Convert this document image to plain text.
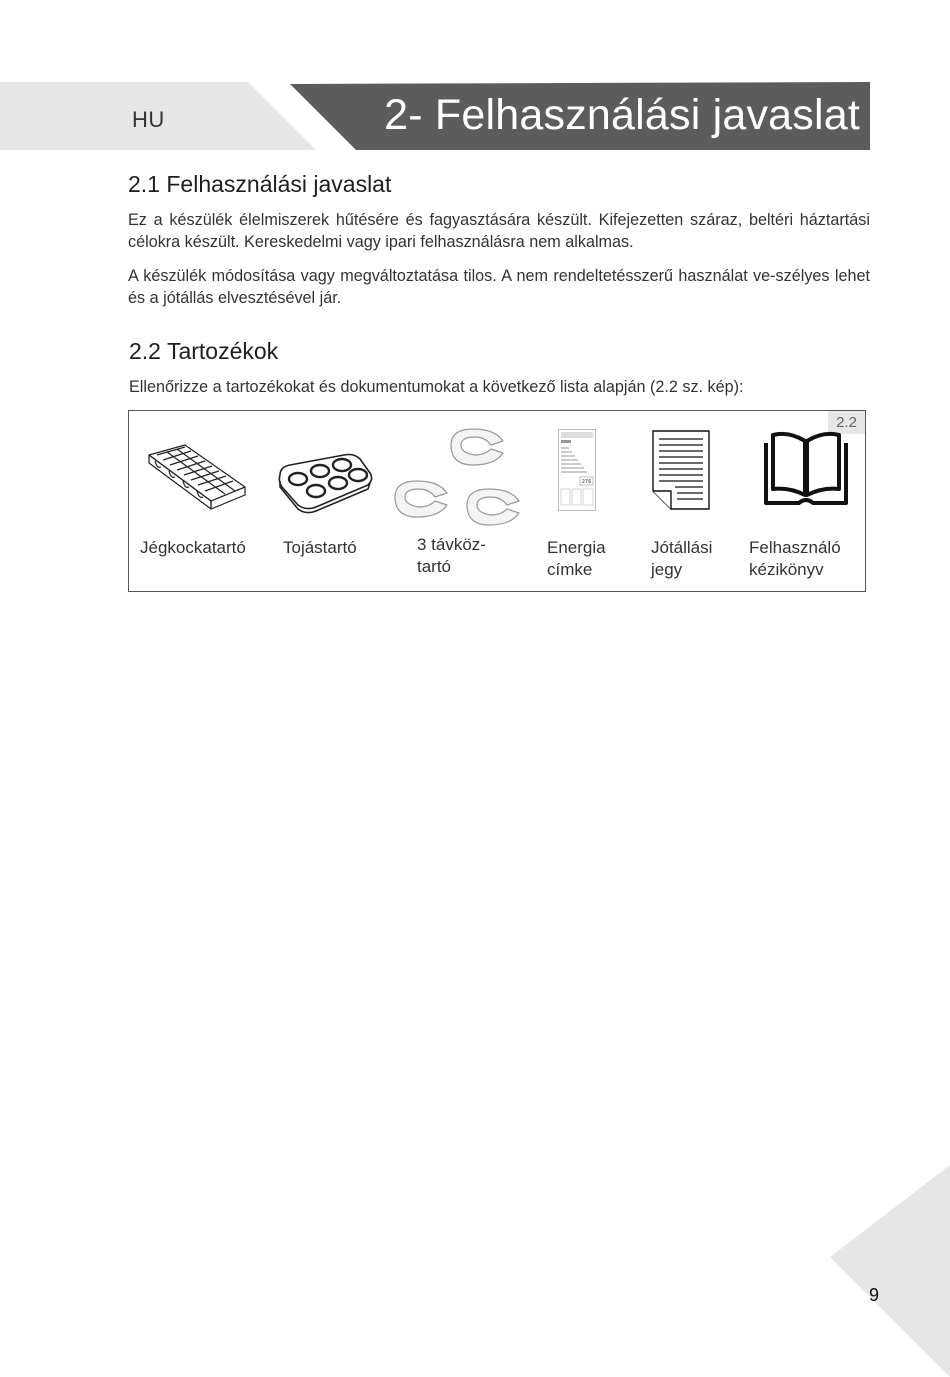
HU	2- Felhasználási javaslat
2.1 Felhasználási javaslat

Ez a készülék élelmiszerek hűtésére és fagyasztására készült. Kifejezetten száraz, beltéri háztartási célokra készült. Kereskedelmi vagy ipari felhasználásra nem alkalmas.

A készülék módosítása vagy megváltoztatása tilos. A nem rendeltetésszerű használat ve-szélyes lehet és a jótállás elvesztésével jár.

2.2 Tartozékok

Ellenőrizze a tartozékokat és dokumentumokat a következő lista alapján (2.2 sz. kép):

2.2
276
Jégkockatartó Tojástartó	3 távköz-
tartó
Energia
címke
Jótállási
jegy
Felhasználó
kézikönyv
9
